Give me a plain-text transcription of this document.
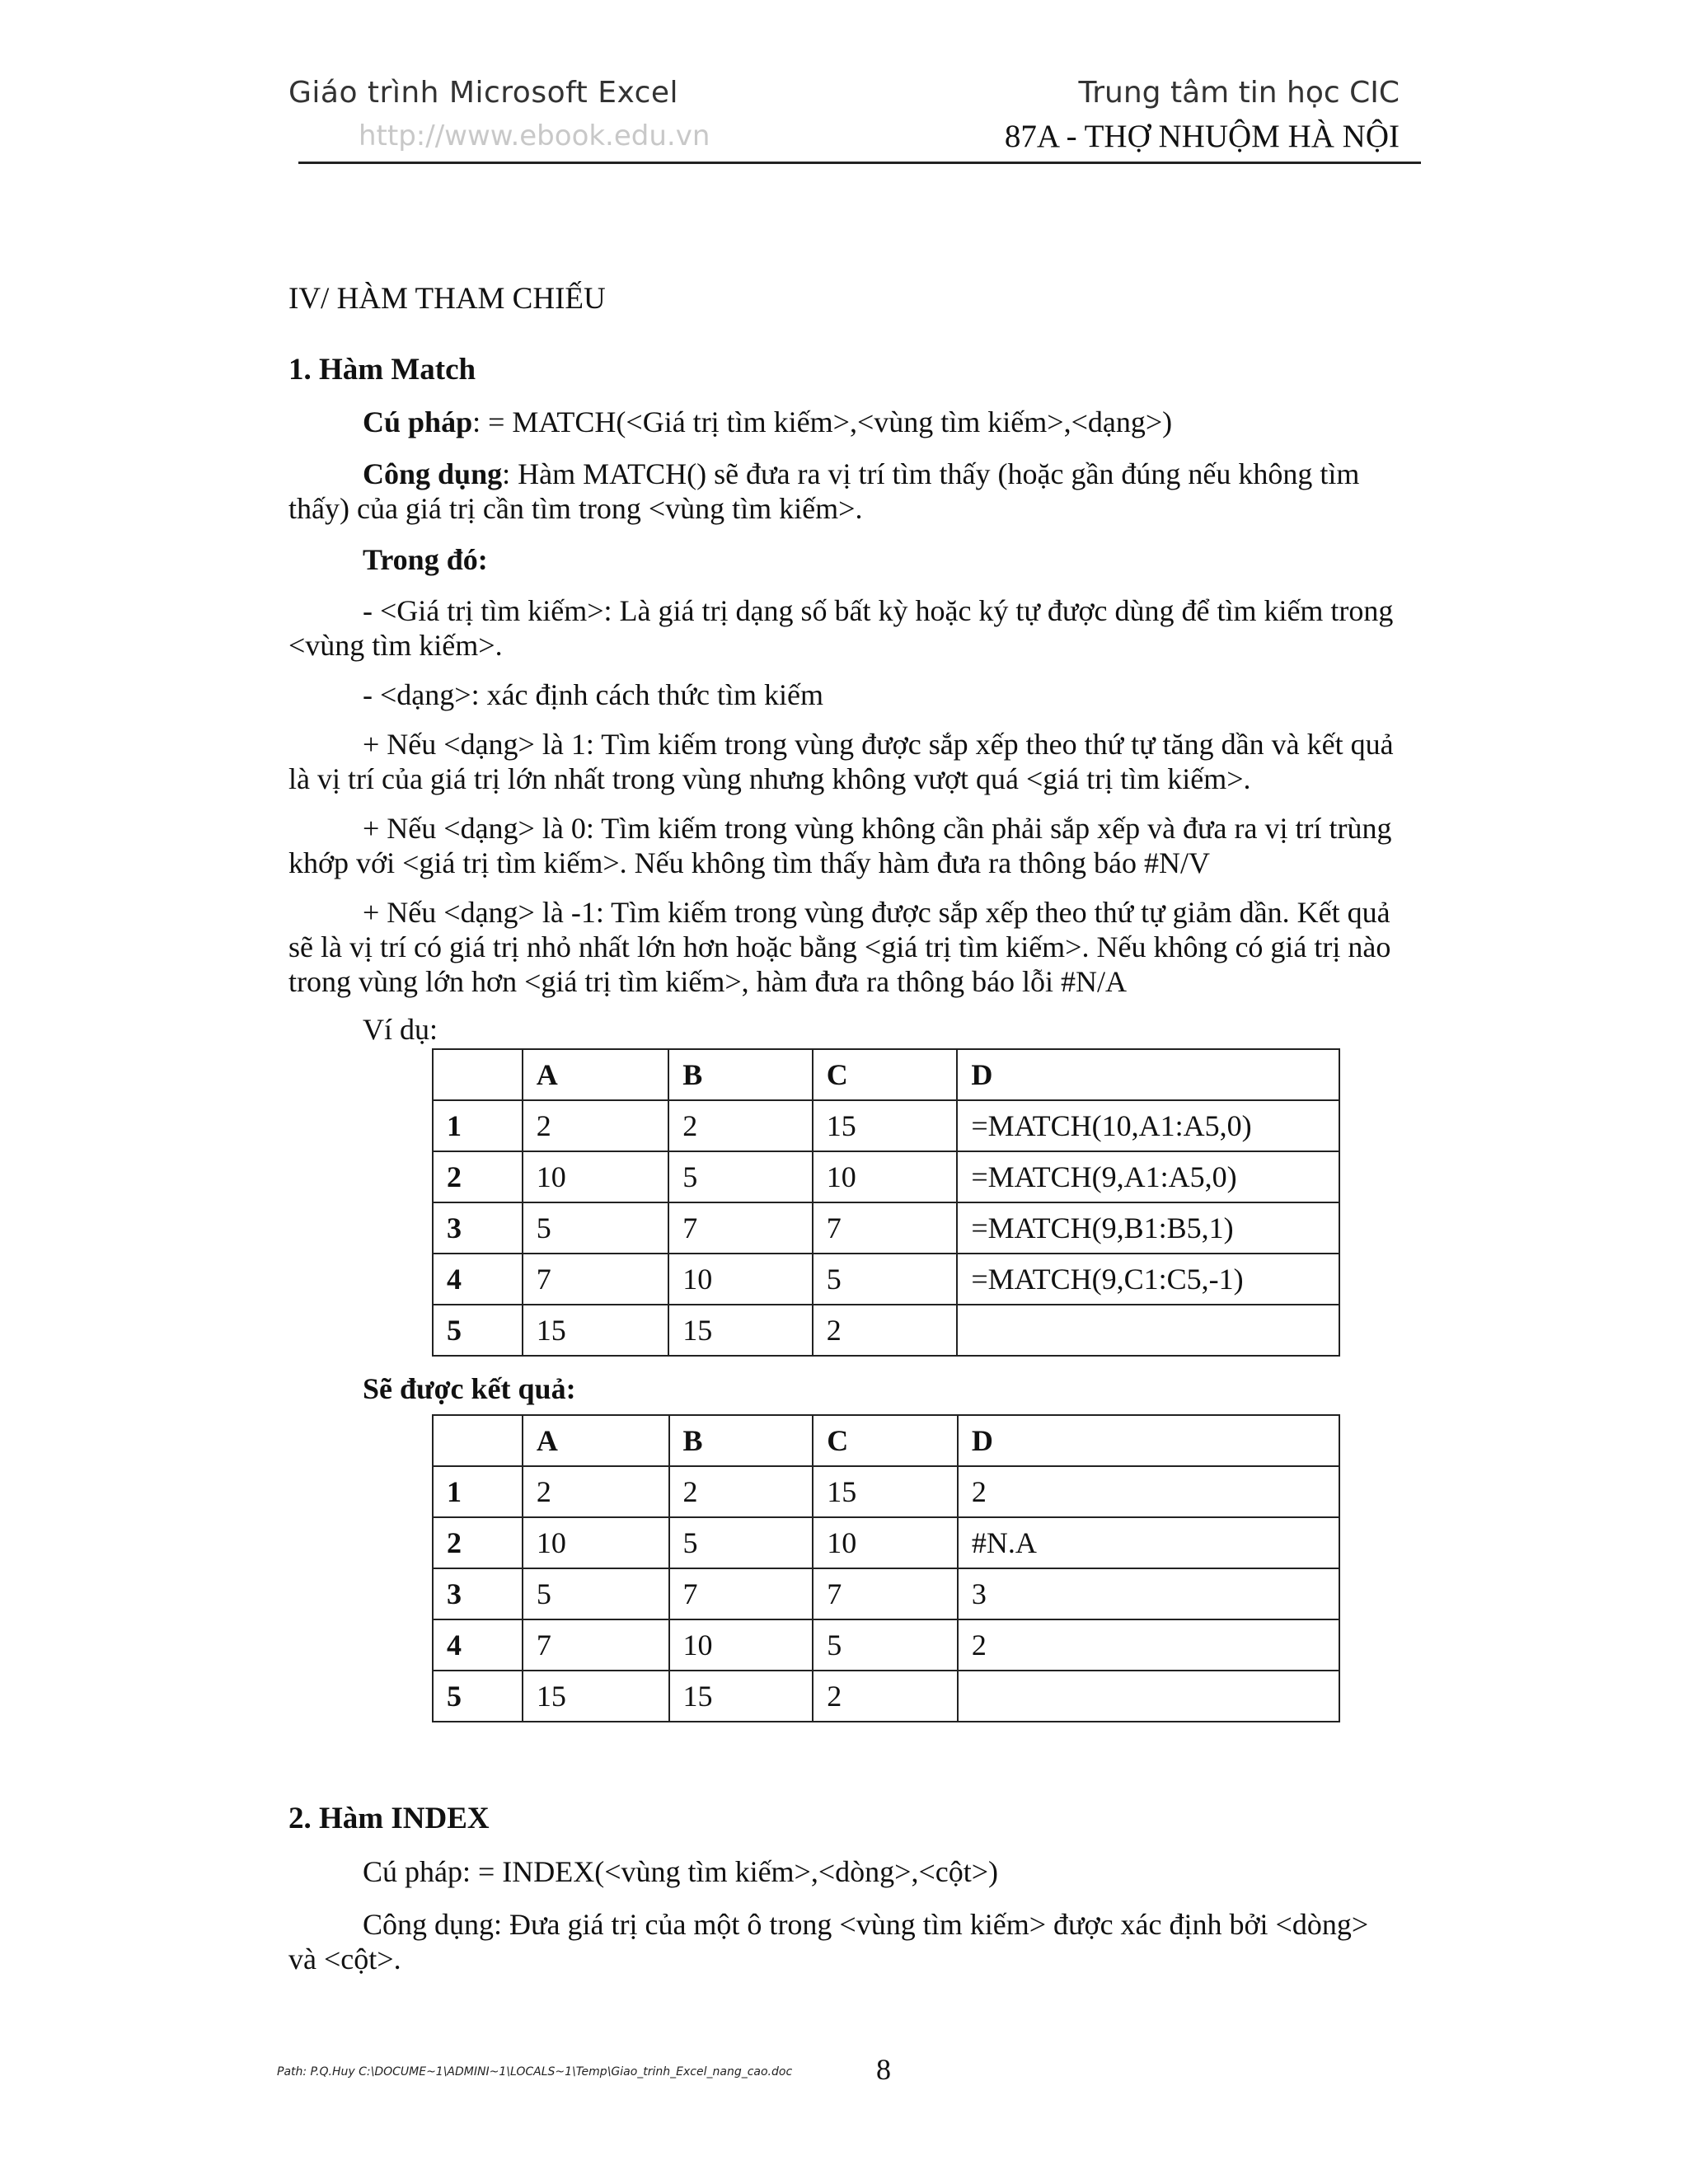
Giáo trình Microsoft Excel	Trung tâm tin học CIC
http://www.ebook.edu.vn	87A - THỢ NHUỘM HÀ NỘI
IV/ HÀM THAM CHIẾU
1. Hàm Match

Cú pháp: = MATCH(<Giá trị tìm kiếm>,<vùng tìm kiếm>,<dạng>)

Công dụng: Hàm MATCH() sẽ đưa ra vị trí tìm thấy (hoặc gần đúng nếu không tìm thấy) của giá trị cần tìm trong <vùng tìm kiếm>.

Trong đó:

- <Giá trị tìm kiếm>: Là giá trị dạng số bất kỳ hoặc ký tự được dùng để tìm kiếm trong <vùng tìm kiếm>.

- <dạng>: xác định cách thức tìm kiếm

+ Nếu <dạng> là 1: Tìm kiếm trong vùng được sắp xếp theo thứ tự tăng dần và kết quả là vị trí của giá trị lớn nhất trong vùng nhưng không vượt quá <giá trị tìm kiếm>.

+ Nếu <dạng> là 0: Tìm kiếm trong vùng không cần phải sắp xếp và đưa ra vị trí trùng khớp với <giá trị tìm kiếm>. Nếu không tìm thấy hàm đưa ra thông báo #N/V

+ Nếu <dạng> là -1: Tìm kiếm trong vùng được sắp xếp theo thứ tự giảm dần. Kết quả sẽ là vị trí có giá trị nhỏ nhất lớn hơn hoặc bằng <giá trị tìm kiếm>. Nếu không có giá trị nào trong vùng lớn hơn <giá trị tìm kiếm>, hàm đưa ra thông báo lỗi #N/A

Ví dụ:
	A	B	C	D
1	2	2	15	=MATCH(10,A1:A5,0)
2	10	5	10	=MATCH(9,A1:A5,0)
3	5	7	7	=MATCH(9,B1:B5,1)
4	7	10	5	=MATCH(9,C1:C5,-1)
5	15	15	2	
Sẽ được kết quả:
	A	B	C	D
1	2	2	15	2
2	10	5	10	#N.A
3	5	7	7	3
4	7	10	5	2
5	15	15	2	
2. Hàm INDEX
Cú pháp: = INDEX(<vùng tìm kiếm>,<dòng>,<cột>)

Công dụng: Đưa giá trị của một ô trong <vùng tìm kiếm> được xác định bởi <dòng> và <cột>.

Path: P.Q.Huy C:\DOCUME~1\ADMINI~1\LOCALS~1\Temp\Giao_trinh_Excel_nang_cao.doc	8
